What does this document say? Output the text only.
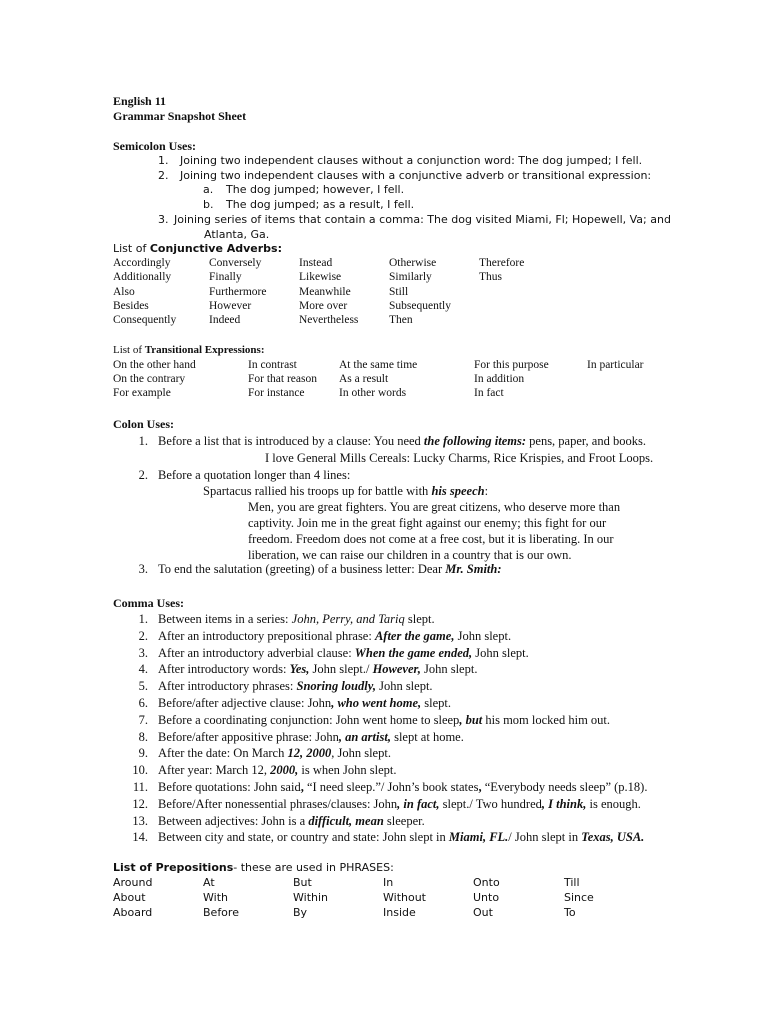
English 11
Grammar Snapshot Sheet
Semicolon Uses:
1. Joining two independent clauses without a conjunction word: The dog jumped; I fell.
2. Joining two independent clauses with a conjunctive adverb or transitional expression:
a. The dog jumped; however, I fell.
b. The dog jumped; as a result, I fell.
3. Joining series of items that contain a comma: The dog visited Miami, Fl; Hopewell, Va; and
Atlanta, Ga.
List of Conjunctive Adverbs:
Accordingly
Additionally
Also
Besides
Consequently
Conversely
Finally
Furthermore
However
Indeed
Instead
Likewise
Meanwhile
More over
Nevertheless
Otherwise
Similarly
Still
Subsequently
Then
Therefore
Thus
List of Transitional Expressions:
On the other hand
On the contrary
For example
In contrast
For that reason
For instance
At the same time
As a result
In other words
For this purpose
In addition
In fact
In particular
Colon Uses:
1. Before a list that is introduced by a clause: You need the following items: pens, paper, and books.
I love General Mills Cereals: Lucky Charms, Rice Krispies, and Froot Loops.
2. Before a quotation longer than 4 lines:
Spartacus rallied his troops up for battle with his speech:
Men, you are great fighters. You are great citizens, who deserve more than
captivity. Join me in the great fight against our enemy; this fight for our
freedom. Freedom does not come at a free cost, but it is liberating. In our
liberation, we can raise our children in a country that is our own.
3. To end the salutation (greeting) of a business letter: Dear Mr. Smith:
Comma Uses:
1. Between items in a series: John, Perry, and Tariq slept.
2. After an introductory prepositional phrase: After the game, John slept.
3. After an introductory adverbial clause: When the game ended, John slept.
4. After introductory words: Yes, John slept./ However, John slept.
5. After introductory phrases: Snoring loudly, John slept.
6. Before/after adjective clause: John, who went home, slept.
7. Before a coordinating conjunction: John went home to sleep, but his mom locked him out.
8. Before/after appositive phrase: John, an artist, slept at home.
9. After the date: On March 12, 2000, John slept.
10. After year: March 12, 2000, is when John slept.
11. Before quotations: John said, “I need sleep.”/ John’s book states, “Everybody needs sleep” (p.18).
12. Before/After nonessential phrases/clauses: John, in fact, slept./ Two hundred, I think, is enough.
13. Between adjectives: John is a difficult, mean sleeper.
14. Between city and state, or country and state: John slept in Miami, FL./ John slept in Texas, USA.
List of Prepositions- these are used in PHRASES:
Around
About
Aboard
At
With
Before
But
Within
By
In
Without
Inside
Onto
Unto
Out
Till
Since
To
